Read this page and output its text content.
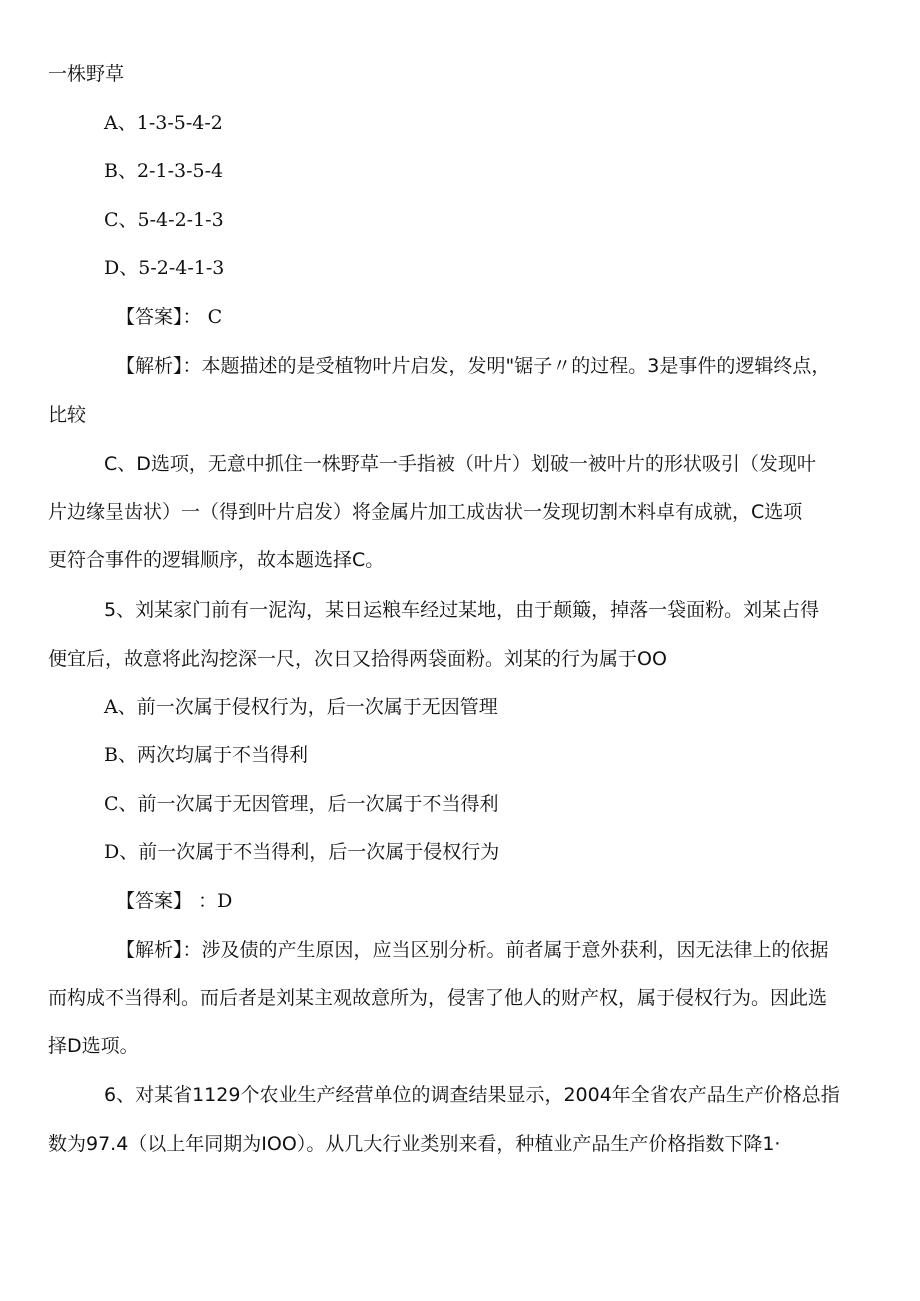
一株野草
A、1-3-5-4-2
B、2-1-3-5-4
C、5-4-2-1-3
D、5-2-4-1-3
【答案】： C
【解析】：本题描述的是受植物叶片启发，发明"锯子〃的过程。3是事件的逻辑终点，
比较
C、D选项，无意中抓住一株野草一手指被（叶片）划破一被叶片的形状吸引（发现叶
片边缘呈齿状）一（得到叶片启发）将金属片加工成齿状一发现切割木料卓有成就，C选项
更符合事件的逻辑顺序，故本题选择C。
5、刘某家门前有一泥沟，某日运粮车经过某地，由于颠簸，掉落一袋面粉。刘某占得
便宜后，故意将此沟挖深一尺，次日又拾得两袋面粉。刘某的行为属于OO
A、前一次属于侵权行为，后一次属于无因管理
B、两次均属于不当得利
C、前一次属于无因管理，后一次属于不当得利
D、前一次属于不当得利，后一次属于侵权行为
【答案】 ：D
【解析】：涉及债的产生原因，应当区别分析。前者属于意外获利，因无法律上的依据
而构成不当得利。而后者是刘某主观故意所为，侵害了他人的财产权，属于侵权行为。因此选
择D选项。
6、对某省1129个农业生产经营单位的调查结果显示，2004年全省农产品生产价格总指
数为97.4（以上年同期为IOO）。从几大行业类别来看，种植业产品生产价格指数下降1·
